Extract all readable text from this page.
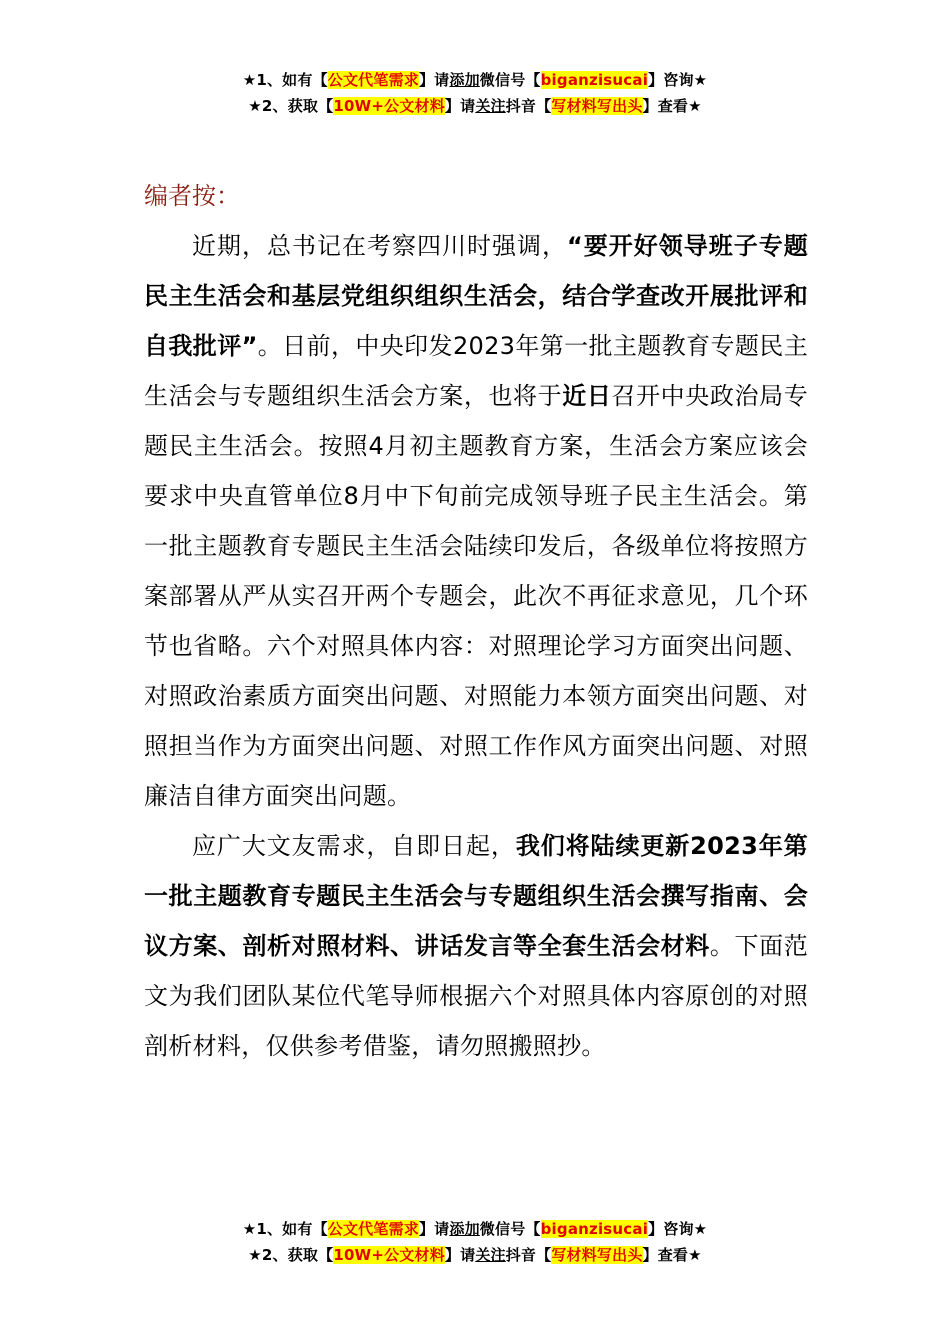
★1、如有【公文代笔需求】请添加微信号【biganzisucai】咨询★
★2、获取【10W+公文材料】请关注抖音【写材料写出头】查看★

编者按：

近期，总书记在考察四川时强调，“要开好领导班子专题民主生活会和基层党组织组织生活会，结合学查改开展批评和自我批评”。日前，中央印发2023年第一批主题教育专题民主生活会与专题组织生活会方案，也将于近日召开中央政治局专题民主生活会。按照4月初主题教育方案，生活会方案应该会要求中央直管单位8月中下旬前完成领导班子民主生活会。第一批主题教育专题民主生活会陆续印发后，各级单位将按照方案部署从严从实召开两个专题会，此次不再征求意见，几个环节也省略。六个对照具体内容：对照理论学习方面突出问题、对照政治素质方面突出问题、对照能力本领方面突出问题、对照担当作为方面突出问题、对照工作作风方面突出问题、对照廉洁自律方面突出问题。

应广大文友需求，自即日起，我们将陆续更新2023年第一批主题教育专题民主生活会与专题组织生活会撰写指南、会议方案、剖析对照材料、讲话发言等全套生活会材料。下面范文为我们团队某位代笔导师根据六个对照具体内容原创的对照剖析材料，仅供参考借鉴，请勿照搬照抄。

★1、如有【公文代笔需求】请添加微信号【biganzisucai】咨询★
★2、获取【10W+公文材料】请关注抖音【写材料写出头】查看★
